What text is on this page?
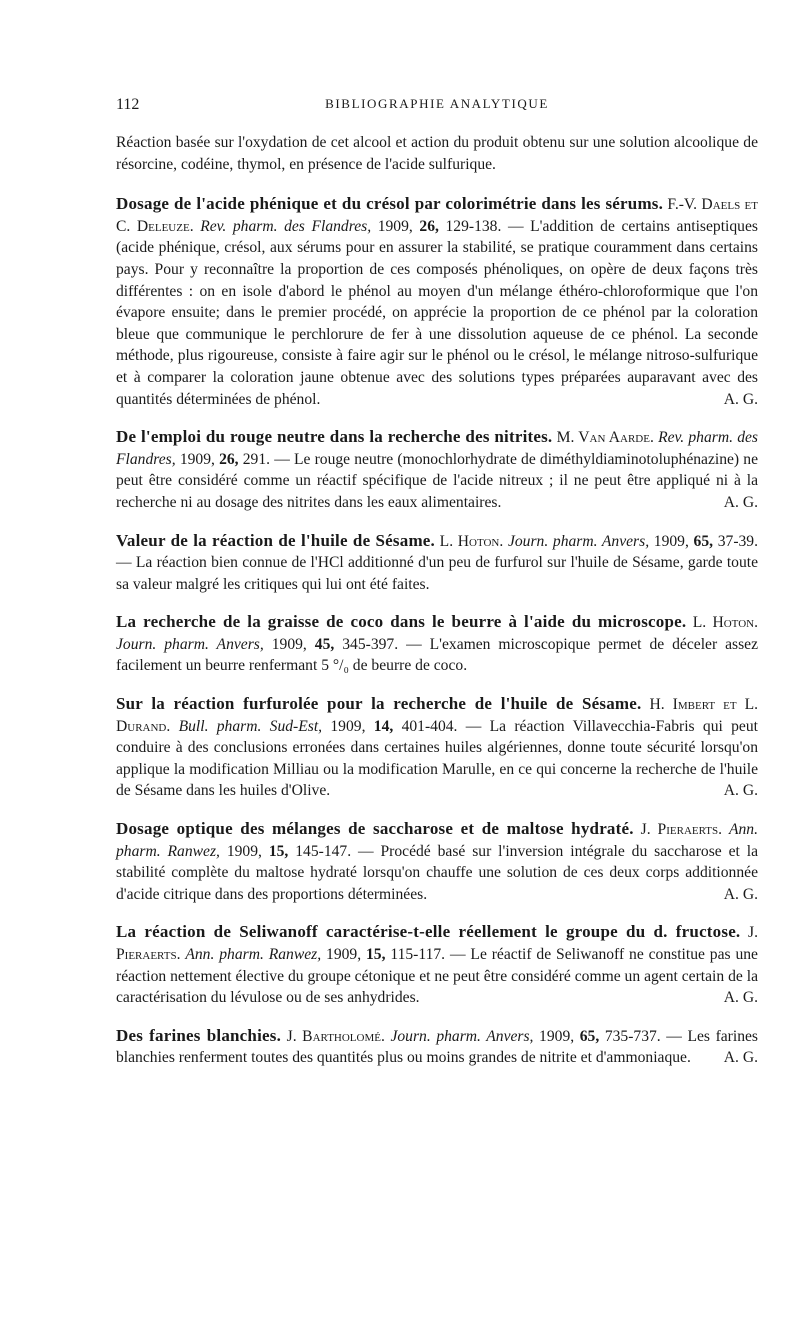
112	BIBLIOGRAPHIE ANALYTIQUE

Réaction basée sur l'oxydation de cet alcool et action du produit obtenu sur une solution alcoolique de résorcine, codéine, thymol, en présence de l'acide sulfurique.

Dosage de l'acide phénique et du crésol par colorimétrie dans les sérums. F.-V. Daels et C. Deleuze. Rev. pharm. des Flandres, 1909, 26, 129-138. — L'addition de certains antiseptiques (acide phénique, crésol, aux sérums pour en assurer la stabilité, se pratique couramment dans certains pays. Pour y reconnaître la proportion de ces composés phénoliques, on opère de deux façons très différentes : on en isole d'abord le phénol au moyen d'un mélange éthéro-chloroformique que l'on évapore ensuite; dans le premier procédé, on apprécie la proportion de ce phénol par la coloration bleue que communique le perchlorure de fer à une dissolution aqueuse de ce phénol. La seconde méthode, plus rigoureuse, consiste à faire agir sur le phénol ou le crésol, le mélange nitroso-sulfurique et à comparer la coloration jaune obtenue avec des solutions types préparées auparavant avec des quantités déterminées de phénol.	A. G.

De l'emploi du rouge neutre dans la recherche des nitrites. M. Van Aarde. Rev. pharm. des Flandres, 1909, 26, 291. — Le rouge neutre (monochlorhydrate de diméthyldiaminotoluphénazine) ne peut être considéré comme un réactif spécifique de l'acide nitreux ; il ne peut être appliqué ni à la recherche ni au dosage des nitrites dans les eaux alimentaires.	A. G.

Valeur de la réaction de l'huile de Sésame. L. Hoton. Journ. pharm. Anvers, 1909, 65, 37-39. — La réaction bien connue de l'HCl additionné d'un peu de furfurol sur l'huile de Sésame, garde toute sa valeur malgré les critiques qui lui ont été faites.

La recherche de la graisse de coco dans le beurre à l'aide du microscope. L. Hoton. Journ. pharm. Anvers, 1909, 45, 345-397. — L'examen microscopique permet de déceler assez facilement un beurre renfermant 5 °/₀ de beurre de coco.

Sur la réaction furfurolée pour la recherche de l'huile de Sésame. H. Imbert et L. Durand. Bull. pharm. Sud-Est, 1909, 14, 401-404. — La réaction Villavecchia-Fabris qui peut conduire à des conclusions erronées dans certaines huiles algériennes, donne toute sécurité lorsqu'on applique la modification Milliau ou la modification Marulle, en ce qui concerne la recherche de l'huile de Sésame dans les huiles d'Olive.	A. G.

Dosage optique des mélanges de saccharose et de maltose hydraté. J. Pieraerts. Ann. pharm. Ranwez, 1909, 15, 145-147. — Procédé basé sur l'inversion intégrale du saccharose et la stabilité complète du maltose hydraté lorsqu'on chauffe une solution de ces deux corps additionnée d'acide citrique dans des proportions déterminées.	A. G.

La réaction de Seliwanoff caractérise-t-elle réellement le groupe du d. fructose. J. Pieraerts. Ann. pharm. Ranwez, 1909, 15, 115-117. — Le réactif de Seliwanoff ne constitue pas une réaction nettement élective du groupe cétonique et ne peut être considéré comme un agent certain de la caractérisation du lévulose ou de ses anhydrides.	A. G.

Des farines blanchies. J. Bartholomé. Journ. pharm. Anvers, 1909, 65, 735-737. — Les farines blanchies renferment toutes des quantités plus ou moins grandes de nitrite et d'ammoniaque. A. G.
